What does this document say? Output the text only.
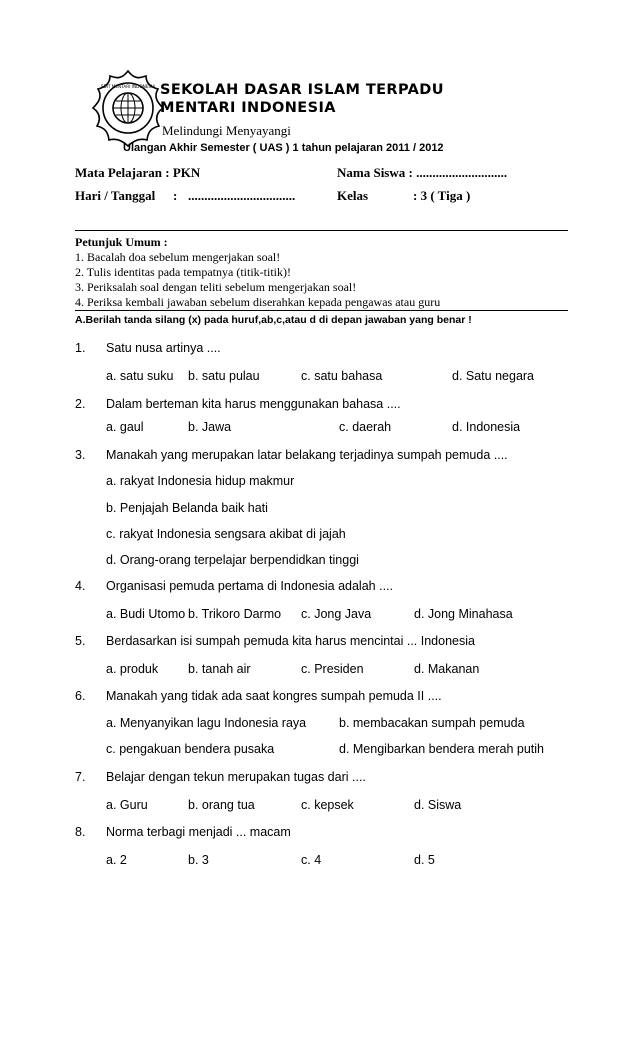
SDIT MENTARI INDONESIA SEKOLAH DASAR ISLAM TERPADU
MENTARI INDONESIA
Melindungi Menyayangi
Ulangan Akhir Semester ( UAS ) 1 tahun pelajaran 2011 / 2012
Mata Pelajaran : PKN	Nama Siswa : ............................
Hari / Tanggal : .................................	Kelas	: 3 ( Tiga )
Petunjuk Umum :
1. Bacalah doa sebelum mengerjakan soal!
2. Tulis identitas pada tempatnya (titik-titik)!
3. Periksalah soal dengan teliti sebelum mengerjakan soal!
4. Periksa kembali jawaban sebelum diserahkan kepada pengawas atau guru
A.Berilah tanda silang (x) pada huruf,ab,c,atau d di depan jawaban yang benar !
1. Satu nusa artinya ....
a. satu suku b. satu pulau	c. satu bahasa	d. Satu negara
2. Dalam berteman kita harus menggunakan bahasa ....
a. gaul	b. Jawa	c. daerah	d. Indonesia
3. Manakah yang merupakan latar belakang terjadinya sumpah pemuda ....
a. rakyat Indonesia hidup makmur
b. Penjajah Belanda baik hati
c. rakyat Indonesia sengsara akibat di jajah
d. Orang-orang terpelajar berpendidkan tinggi
4. Organisasi pemuda pertama di Indonesia adalah ....
a. Budi Utomo b. Trikoro Darmo c. Jong Java	d. Jong Minahasa
5. Berdasarkan isi sumpah pemuda kita harus mencintai ... Indonesia
a. produk b. tanah air	c. Presiden	d. Makanan
6. Manakah yang tidak ada saat kongres sumpah pemuda II ....
a. Menyanyikan lagu Indonesia raya	b. membacakan sumpah pemuda
c. pengakuan bendera pusaka	d. Mengibarkan bendera merah putih
7. Belajar dengan tekun merupakan tugas dari ....
a. Guru	b. orang tua	c. kepsek	d. Siswa
8. Norma terbagi menjadi ... macam
a. 2	b. 3	c. 4	d. 5
